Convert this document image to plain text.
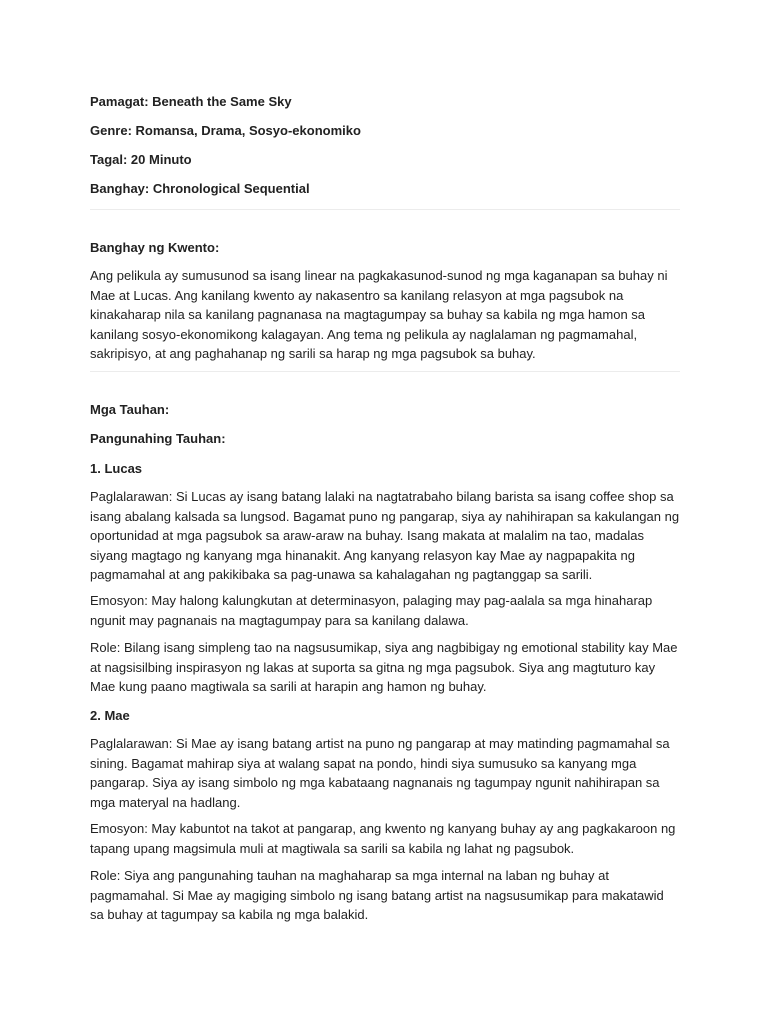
Pamagat: Beneath the Same Sky

Genre: Romansa, Drama, Sosyo-ekonomiko

Tagal: 20 Minuto

Banghay: Chronological Sequential

Banghay ng Kwento:

Ang pelikula ay sumusunod sa isang linear na pagkakasunod-sunod ng mga kaganapan sa buhay ni Mae at Lucas. Ang kanilang kwento ay nakasentro sa kanilang relasyon at mga pagsubok na kinakaharap nila sa kanilang pagnanasa na magtagumpay sa buhay sa kabila ng mga hamon sa kanilang sosyo-ekonomikong kalagayan. Ang tema ng pelikula ay naglalaman ng pagmamahal, sakripisyo, at ang paghahanap ng sarili sa harap ng mga pagsubok sa buhay.

Mga Tauhan:

Pangunahing Tauhan:

1. Lucas

Paglalarawan: Si Lucas ay isang batang lalaki na nagtatrabaho bilang barista sa isang coffee shop sa isang abalang kalsada sa lungsod. Bagamat puno ng pangarap, siya ay nahihirapan sa kakulangan ng oportunidad at mga pagsubok sa araw-araw na buhay. Isang makata at malalim na tao, madalas siyang magtago ng kanyang mga hinanakit. Ang kanyang relasyon kay Mae ay nagpapakita ng pagmamahal at ang pakikibaka sa pag-unawa sa kahalagahan ng pagtanggap sa sarili.

Emosyon: May halong kalungkutan at determinasyon, palaging may pag-aalala sa mga hinaharap ngunit may pagnanais na magtagumpay para sa kanilang dalawa.

Role: Bilang isang simpleng tao na nagsusumikap, siya ang nagbibigay ng emotional stability kay Mae at nagsisilbing inspirasyon ng lakas at suporta sa gitna ng mga pagsubok. Siya ang magtuturo kay Mae kung paano magtiwala sa sarili at harapin ang hamon ng buhay.

2. Mae

Paglalarawan: Si Mae ay isang batang artist na puno ng pangarap at may matinding pagmamahal sa sining. Bagamat mahirap siya at walang sapat na pondo, hindi siya sumusuko sa kanyang mga pangarap. Siya ay isang simbolo ng mga kabataang nagnanais ng tagumpay ngunit nahihirapan sa mga materyal na hadlang.

Emosyon: May kabuntot na takot at pangarap, ang kwento ng kanyang buhay ay ang pagkakaroon ng tapang upang magsimula muli at magtiwala sa sarili sa kabila ng lahat ng pagsubok.

Role: Siya ang pangunahing tauhan na maghaharap sa mga internal na laban ng buhay at pagmamahal. Si Mae ay magiging simbolo ng isang batang artist na nagsusumikap para makatawid sa buhay at tagumpay sa kabila ng mga balakid.
